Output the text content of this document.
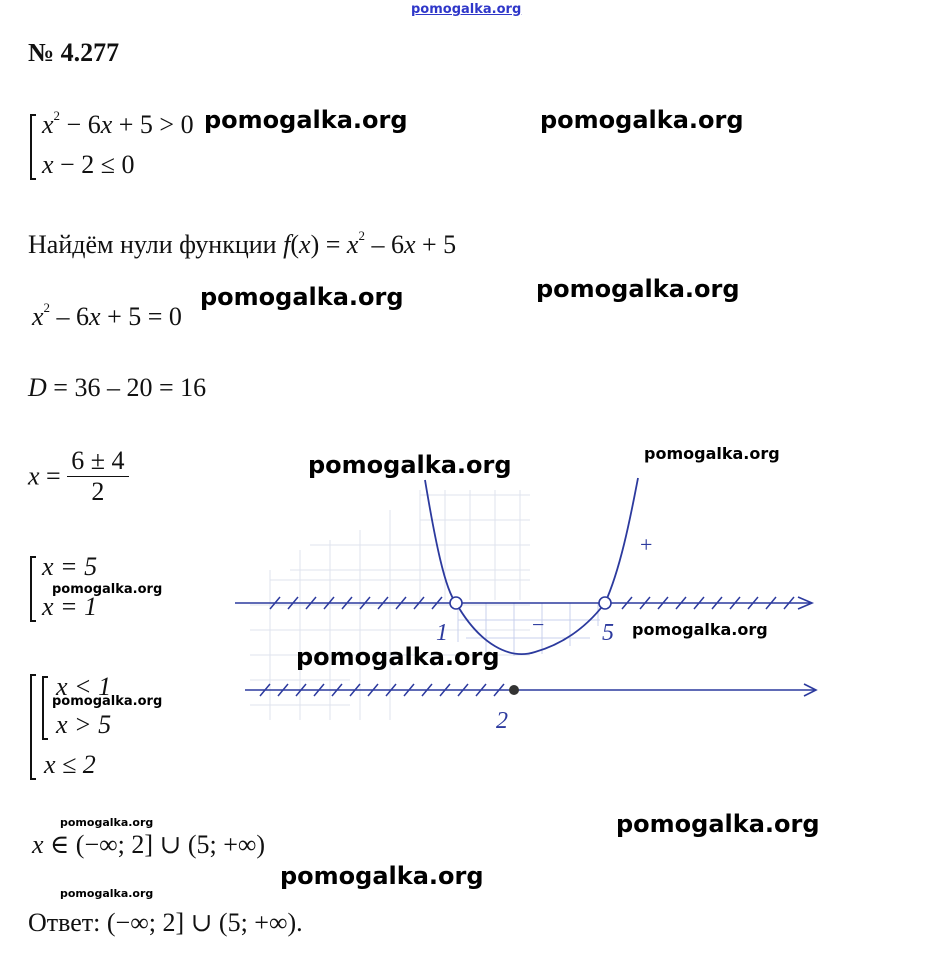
pomogalka.org
№ 4.277
$x^2 - 6x + 5 > 0$
x − 2 ≤ 0
Найдём нули функции $f(x) = x^2 - 6x + 5$
$x^2 - 6x + 5 = 0$
D = 36 – 20 = 16
$x = \frac{6 \pm 4}{2}$
x = 5
x = 1
x < 1
x > 5
x ≤ 2
x ∈ (−∞; 2] ∪ (5; +∞)
Ответ: (−∞; 2] ∪ (5; +∞).
1	5
+
−
2
pomogalka.org	pomogalka.org
pomogalka.org	pomogalka.org
pomogalka.org	pomogalka.org
pomogalka.org
pomogalka.org
pomogalka.org
pomogalka.org
pomogalka.org	pomogalka.org
pomogalka.org
pomogalka.org
